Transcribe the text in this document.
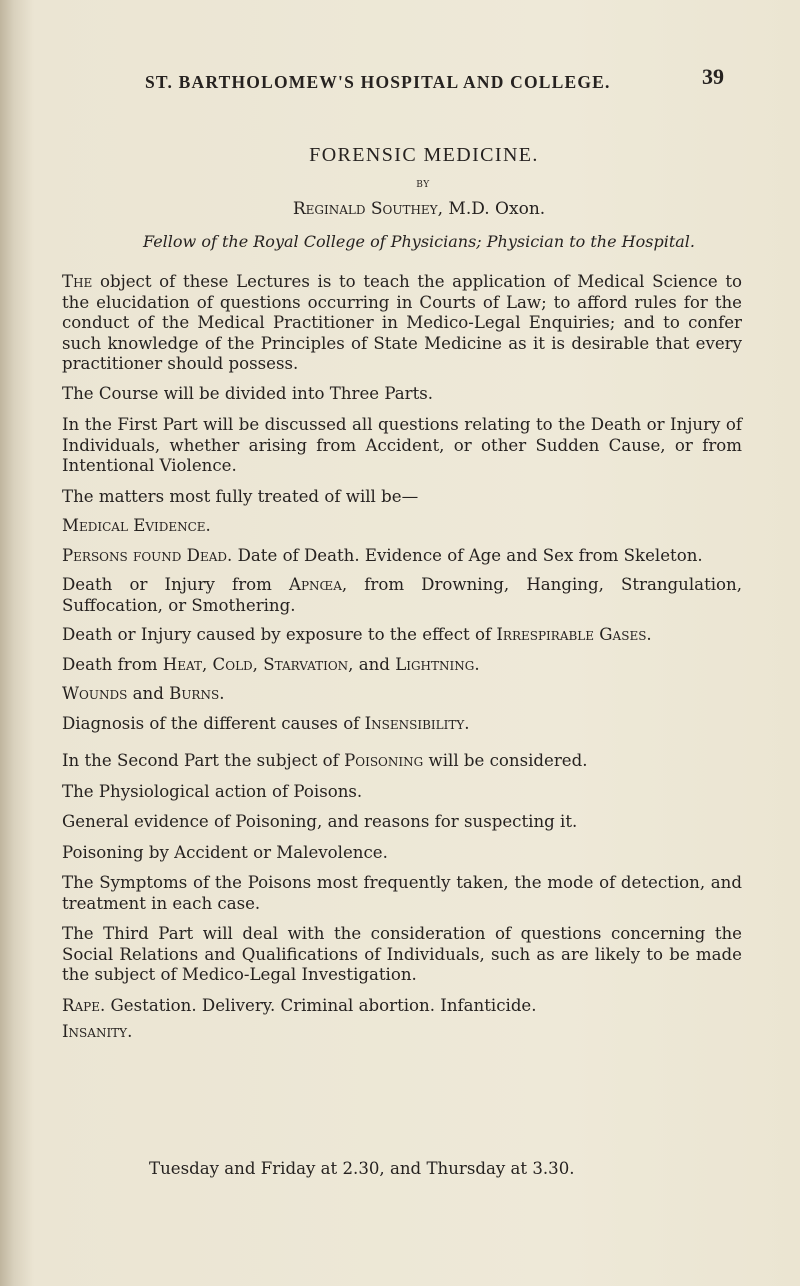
ST. BARTHOLOMEW'S HOSPITAL AND COLLEGE.	39
FORENSIC MEDICINE.
BY
Reginald Southey, M.D. Oxon.
Fellow of the Royal College of Physicians; Physician to the Hospital.

The object of these Lectures is to teach the application of Medical Science to the elucidation of questions occurring in Courts of Law; to afford rules for the conduct of the Medical Practitioner in Medico-Legal Enquiries; and to confer such knowledge of the Principles of State Medicine as it is desirable that every practitioner should possess.

The Course will be divided into Three Parts.

In the First Part will be discussed all questions relating to the Death or Injury of Individuals, whether arising from Accident, or other Sudden Cause, or from Intentional Violence.

The matters most fully treated of will be—

Medical Evidence.

Persons found Dead. Date of Death. Evidence of Age and Sex from Skeleton.

Death or Injury from Apnœa, from Drowning, Hanging, Strangulation, Suffocation, or Smothering.

Death or Injury caused by exposure to the effect of Irrespirable Gases.

Death from Heat, Cold, Starvation, and Lightning.

Wounds and Burns.

Diagnosis of the different causes of Insensibility.

In the Second Part the subject of Poisoning will be considered.

The Physiological action of Poisons.

General evidence of Poisoning, and reasons for suspecting it.

Poisoning by Accident or Malevolence.

The Symptoms of the Poisons most frequently taken, the mode of detection, and treatment in each case.

The Third Part will deal with the consideration of questions concerning the Social Relations and Qualifications of Individuals, such as are likely to be made the subject of Medico-Legal Investigation.

Rape. Gestation. Delivery. Criminal abortion. Infanticide.

Insanity.

Tuesday and Friday at 2.30, and Thursday at 3.30.
